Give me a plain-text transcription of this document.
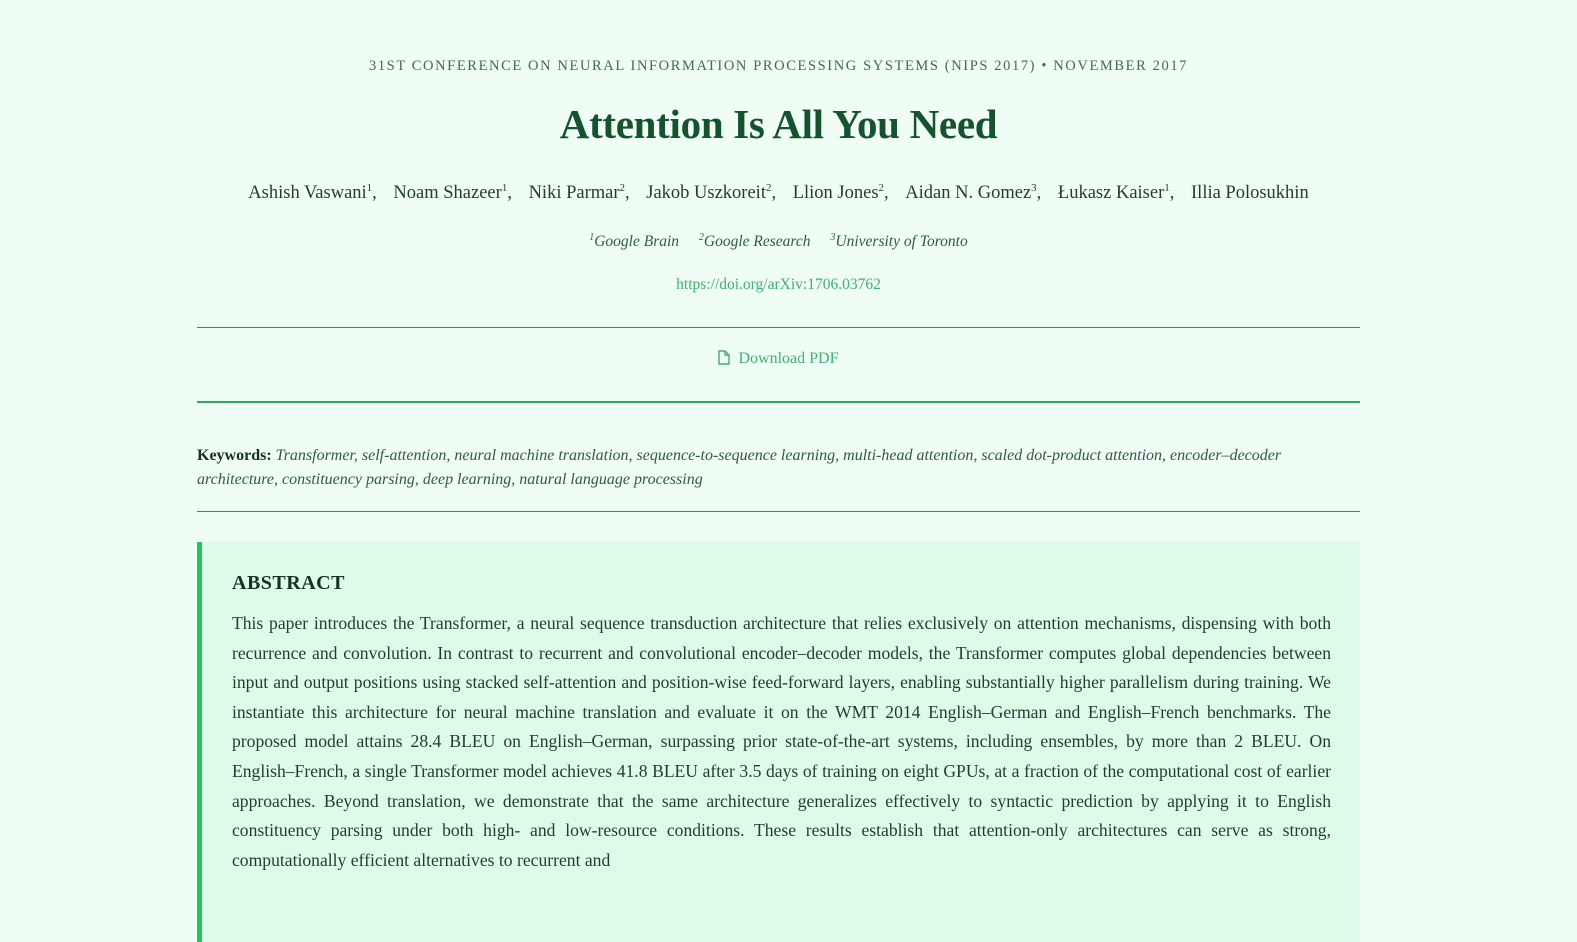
31ST CONFERENCE ON NEURAL INFORMATION PROCESSING SYSTEMS (NIPS 2017) • NOVEMBER 2017
Attention Is All You Need
Ashish Vaswani$^1$, Noam Shazeer$^1$, Niki Parmar$^2$, Jakob Uszkoreit$^2$, Llion Jones$^2$, Aidan N. Gomez$^3$, Łukasz Kaiser$^1$, Illia Polosukhin
$^1$Google Brain $^2$Google Research $^3$University of Toronto
https://doi.org/arXiv:1706.03762
Download PDF
Keywords: Transformer, self-attention, neural machine translation, sequence-to-sequence learning, multi-head attention, scaled dot-product attention, encoder–decoder architecture, constituency parsing, deep learning, natural language processing
ABSTRACT

This paper introduces the Transformer, a neural sequence transduction architecture that relies exclusively on attention mechanisms, dispensing with both recurrence and convolution. In contrast to recurrent and convolutional encoder–decoder models, the Transformer computes global dependencies between input and output positions using stacked self-attention and position-wise feed-forward layers, enabling substantially higher parallelism during training. We instantiate this architecture for neural machine translation and evaluate it on the WMT 2014 English–German and English–French benchmarks. The proposed model attains 28.4 BLEU on English–German, surpassing prior state-of-the-art systems, including ensembles, by more than 2 BLEU. On English–French, a single Transformer model achieves 41.8 BLEU after 3.5 days of training on eight GPUs, at a fraction of the computational cost of earlier approaches. Beyond translation, we demonstrate that the same architecture generalizes effectively to syntactic prediction by applying it to English constituency parsing under both high- and low-resource conditions. These results establish that attention-only architectures can serve as strong, computationally efficient alternatives to recurrent and
